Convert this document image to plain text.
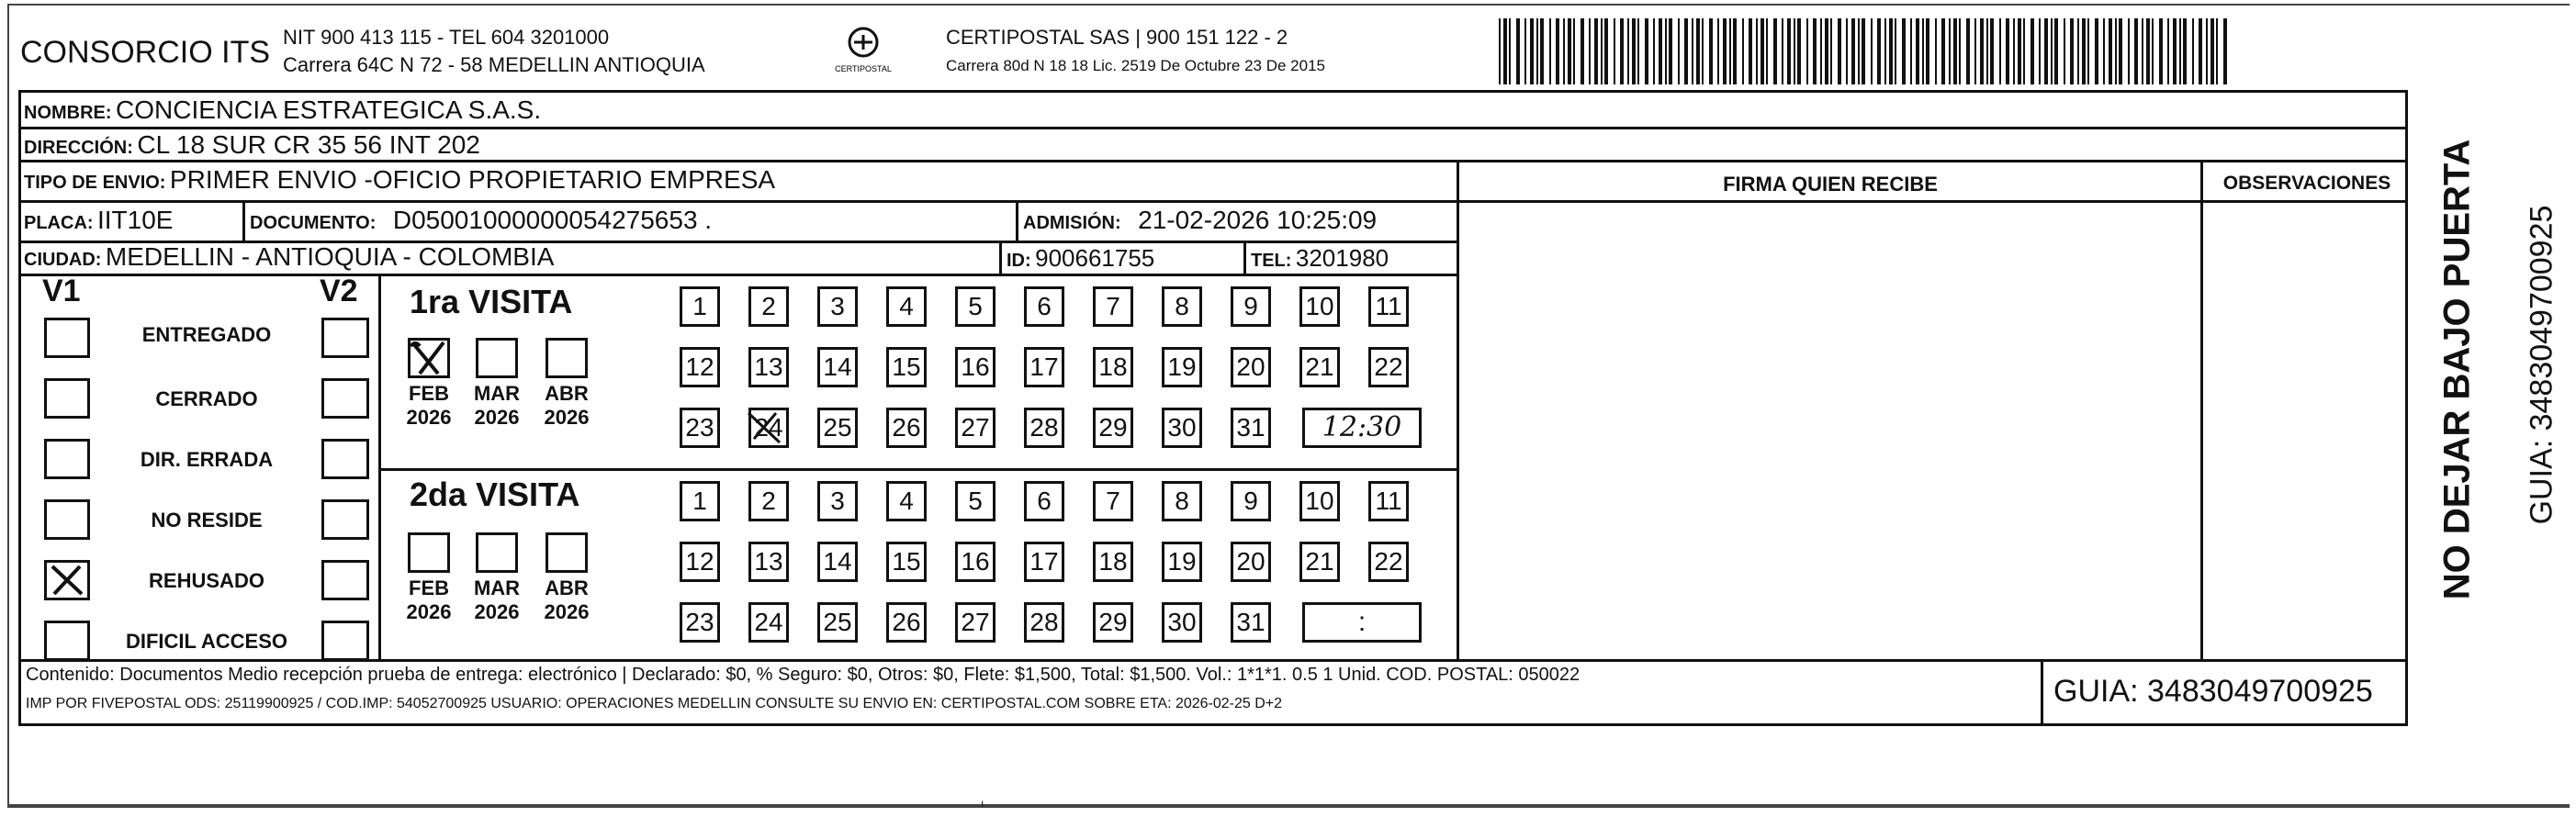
CONSORCIO ITS NIT 900 413 115 - TEL 604 3201000
Carrera 64C N 72 - 58 MEDELLIN ANTIOQUIA	CERTIPOSTAL
CERTIPOSTAL SAS | 900 151 122 - 2
Carrera 80d N 18 18 Lic. 2519 De Octubre 23 De 2015
NOMBRE: CONCIENCIA ESTRATEGICA S.A.S.
DIRECCIÓN: CL 18 SUR CR 35 56 INT 202
TIPO DE ENVIO: PRIMER ENVIO -OFICIO PROPIETARIO EMPRESA
PLACA: IIT10E	DOCUMENTO: D05001000000054275653 .	ADMISIÓN: 21-02-2026 10:25:09
CIUDAD: MEDELLIN - ANTIOQUIA - COLOMBIA	ID: 900661755	TEL: 3201980
FIRMA QUIEN RECIBE	OBSERVACIONES
V1	V2
ENTREGADO
CERRADO
DIR. ERRADA
NO RESIDE
REHUSADO
DIFICIL ACCESO
1ra VISITA
2da VISITA
FEB
2026
MAR
2026
ABR
2026
1	2	3	4	5	6	7	8	9	10 11
12 13 14 15 16 17 18 19 20 21 22
23 24 25 26 27 28 29 30 31	12:30
FEB
2026
MAR
2026
ABR
2026
1	2	3	4	5	6	7	8	9	10 11
12 13 14 15 16 17 18 19 20 21 22
23 24 25 26 27 28 29 30 31	:
Contenido: Documentos Medio recepción prueba de entrega: electrónico | Declarado: $0, % Seguro: $0, Otros: $0, Flete: $1,500, Total: $1,500. Vol.: 1*1*1. 0.5 1 Unid. COD. POSTAL: 050022
IMP POR FIVEPOSTAL ODS: 25119900925 / COD.IMP: 54052700925 USUARIO: OPERACIONES MEDELLIN CONSULTE SU ENVIO EN: CERTIPOSTAL.COM SOBRE ETA: 2026-02-25 D+2	GUIA: 3483049700925
NO DEJAR BAJO PUERTA GUIA: 3483049700925
ı
